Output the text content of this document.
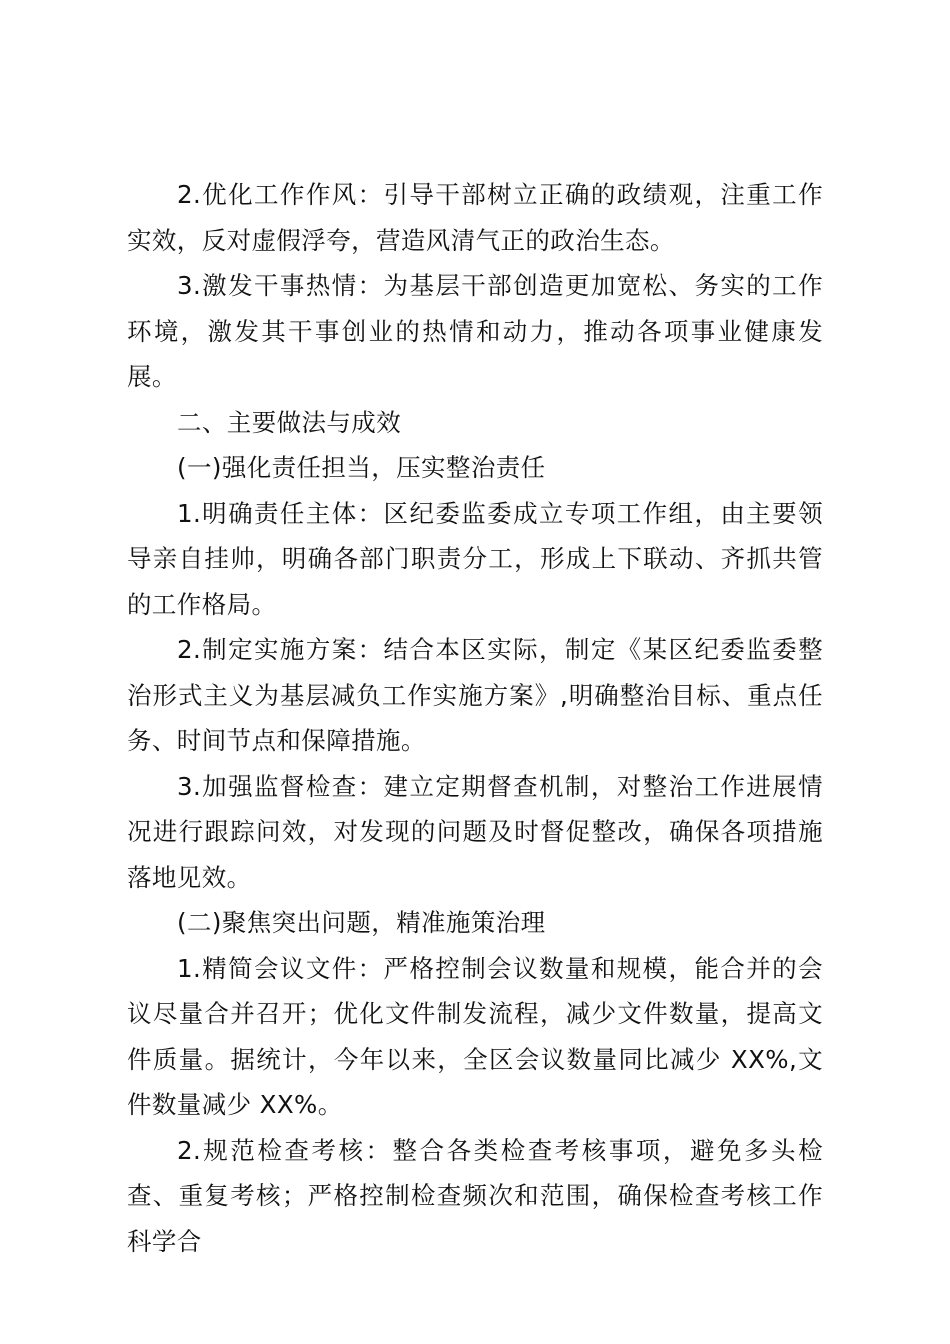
2.优化工作作风：引导干部树立正确的政绩观，注重工作实效，反对虚假浮夸，营造风清气正的政治生态。

3.激发干事热情：为基层干部创造更加宽松、务实的工作环境，激发其干事创业的热情和动力，推动各项事业健康发展。

二、主要做法与成效

(一)强化责任担当，压实整治责任

1.明确责任主体：区纪委监委成立专项工作组，由主要领导亲自挂帅，明确各部门职责分工，形成上下联动、齐抓共管的工作格局。

2.制定实施方案：结合本区实际，制定《某区纪委监委整治形式主义为基层减负工作实施方案》,明确整治目标、重点任务、时间节点和保障措施。

3.加强监督检查：建立定期督查机制，对整治工作进展情况进行跟踪问效，对发现的问题及时督促整改，确保各项措施落地见效。

(二)聚焦突出问题，精准施策治理

1.精简会议文件：严格控制会议数量和规模，能合并的会议尽量合并召开；优化文件制发流程，减少文件数量，提高文件质量。据统计，今年以来，全区会议数量同比减少 XX%,文件数量减少 XX%。

2.规范检查考核：整合各类检查考核事项，避免多头检查、重复考核；严格控制检查频次和范围，确保检查考核工作科学合
